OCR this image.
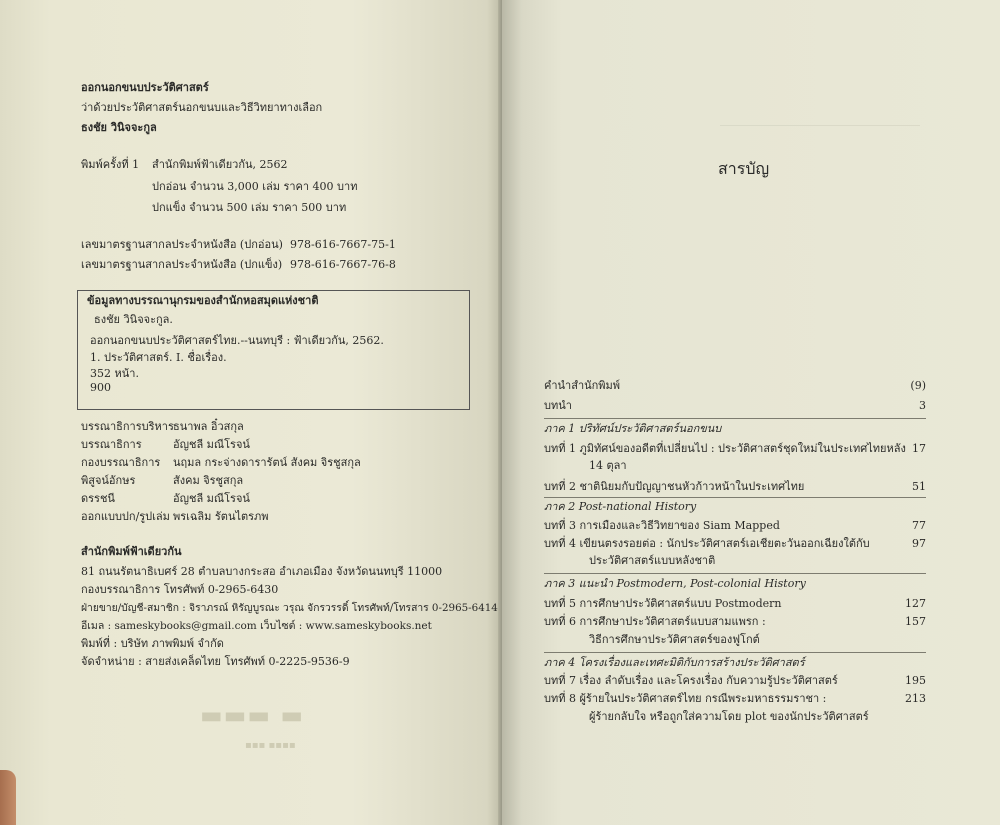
ออกนอกขนบประวัติศาสตร์
ว่าด้วยประวัติศาสตร์นอกขนบและวิธีวิทยาทางเลือก
ธงชัย วินิจจะกูล
พิมพ์ครั้งที่ 1 สำนักพิมพ์ฟ้าเดียวกัน, 2562
ปกอ่อน จำนวน 3,000 เล่ม ราคา 400 บาท
ปกแข็ง จำนวน 500 เล่ม ราคา 500 บาท
เลขมาตรฐานสากลประจำหนังสือ (ปกอ่อน) 978-616-7667-75-1
เลขมาตรฐานสากลประจำหนังสือ (ปกแข็ง) 978-616-7667-76-8
ข้อมูลทางบรรณานุกรมของสำนักหอสมุดแห่งชาติ
ธงชัย วินิจจะกูล.
ออกนอกขนบประวัติศาสตร์ไทย.--นนทบุรี : ฟ้าเดียวกัน, 2562.
1. ประวัติศาสตร์. I. ชื่อเรื่อง.
352 หน้า.
900
บรรณาธิการบริหาร ธนาพล อิ๋วสกุล
บรรณาธิการ	อัญชลี มณีโรจน์
กองบรรณาธิการ นฤมล กระจ่างดารารัตน์ สังคม จิรชูสกุล
พิสูจน์อักษร	สังคม จิรชูสกุล
ดรรชนี	อัญชลี มณีโรจน์
ออกแบบปก/รูปเล่ม พรเฉลิม รัตนไตรภพ
สำนักพิมพ์ฟ้าเดียวกัน
81 ถนนรัตนาธิเบศร์ 28 ตำบลบางกระสอ อำเภอเมือง จังหวัดนนทบุรี 11000
กองบรรณาธิการ โทรศัพท์ 0-2965-6430
ฝ่ายขาย/บัญชี-สมาชิก : จิราภรณ์ หิรัญบูรณะ วรุณ จักรวรรดิ์ โทรศัพท์/โทรสาร 0-2965-6414
อีเมล : sameskybooks@gmail.com เว็บไซต์ : www.sameskybooks.net
พิมพ์ที่ : บริษัท ภาพพิมพ์ จำกัด
จัดจำหน่าย : สายส่งเคล็ดไทย โทรศัพท์ 0-2225-9536-9
▬▬▬ ▬
▪▪▪ ▪▪▪▪
สารบัญ
คำนำสำนักพิมพ์	(9)
บทนำ	3
ภาค 1 ปริทัศน์ประวัติศาสตร์นอกขนบ
บทที่ 1 ภูมิทัศน์ของอดีตที่เปลี่ยนไป : ประวัติศาสตร์ชุดใหม่ในประเทศไทยหลัง 17
14 ตุลา
บทที่ 2 ชาตินิยมกับปัญญาชนหัวก้าวหน้าในประเทศไทย	51
ภาค 2 Post-national History
บทที่ 3 การเมืองและวิธีวิทยาของ Siam Mapped	77
บทที่ 4 เขียนตรงรอยต่อ : นักประวัติศาสตร์เอเชียตะวันออกเฉียงใต้กับ	97
ประวัติศาสตร์แบบหลังชาติ
ภาค 3 แนะนำ Postmodern, Post-colonial History
บทที่ 5 การศึกษาประวัติศาสตร์แบบ Postmodern	127
บทที่ 6 การศึกษาประวัติศาสตร์แบบสามแพรก :	157
วิธีการศึกษาประวัติศาสตร์ของฟูโกต์
ภาค 4 โครงเรื่องและเทศะมิติกับการสร้างประวัติศาสตร์
บทที่ 7 เรื่อง ลำดับเรื่อง และโครงเรื่อง กับความรู้ประวัติศาสตร์	195
บทที่ 8 ผู้ร้ายในประวัติศาสตร์ไทย กรณีพระมหาธรรมราชา :	213
ผู้ร้ายกลับใจ หรือถูกใส่ความโดย plot ของนักประวัติศาสตร์
